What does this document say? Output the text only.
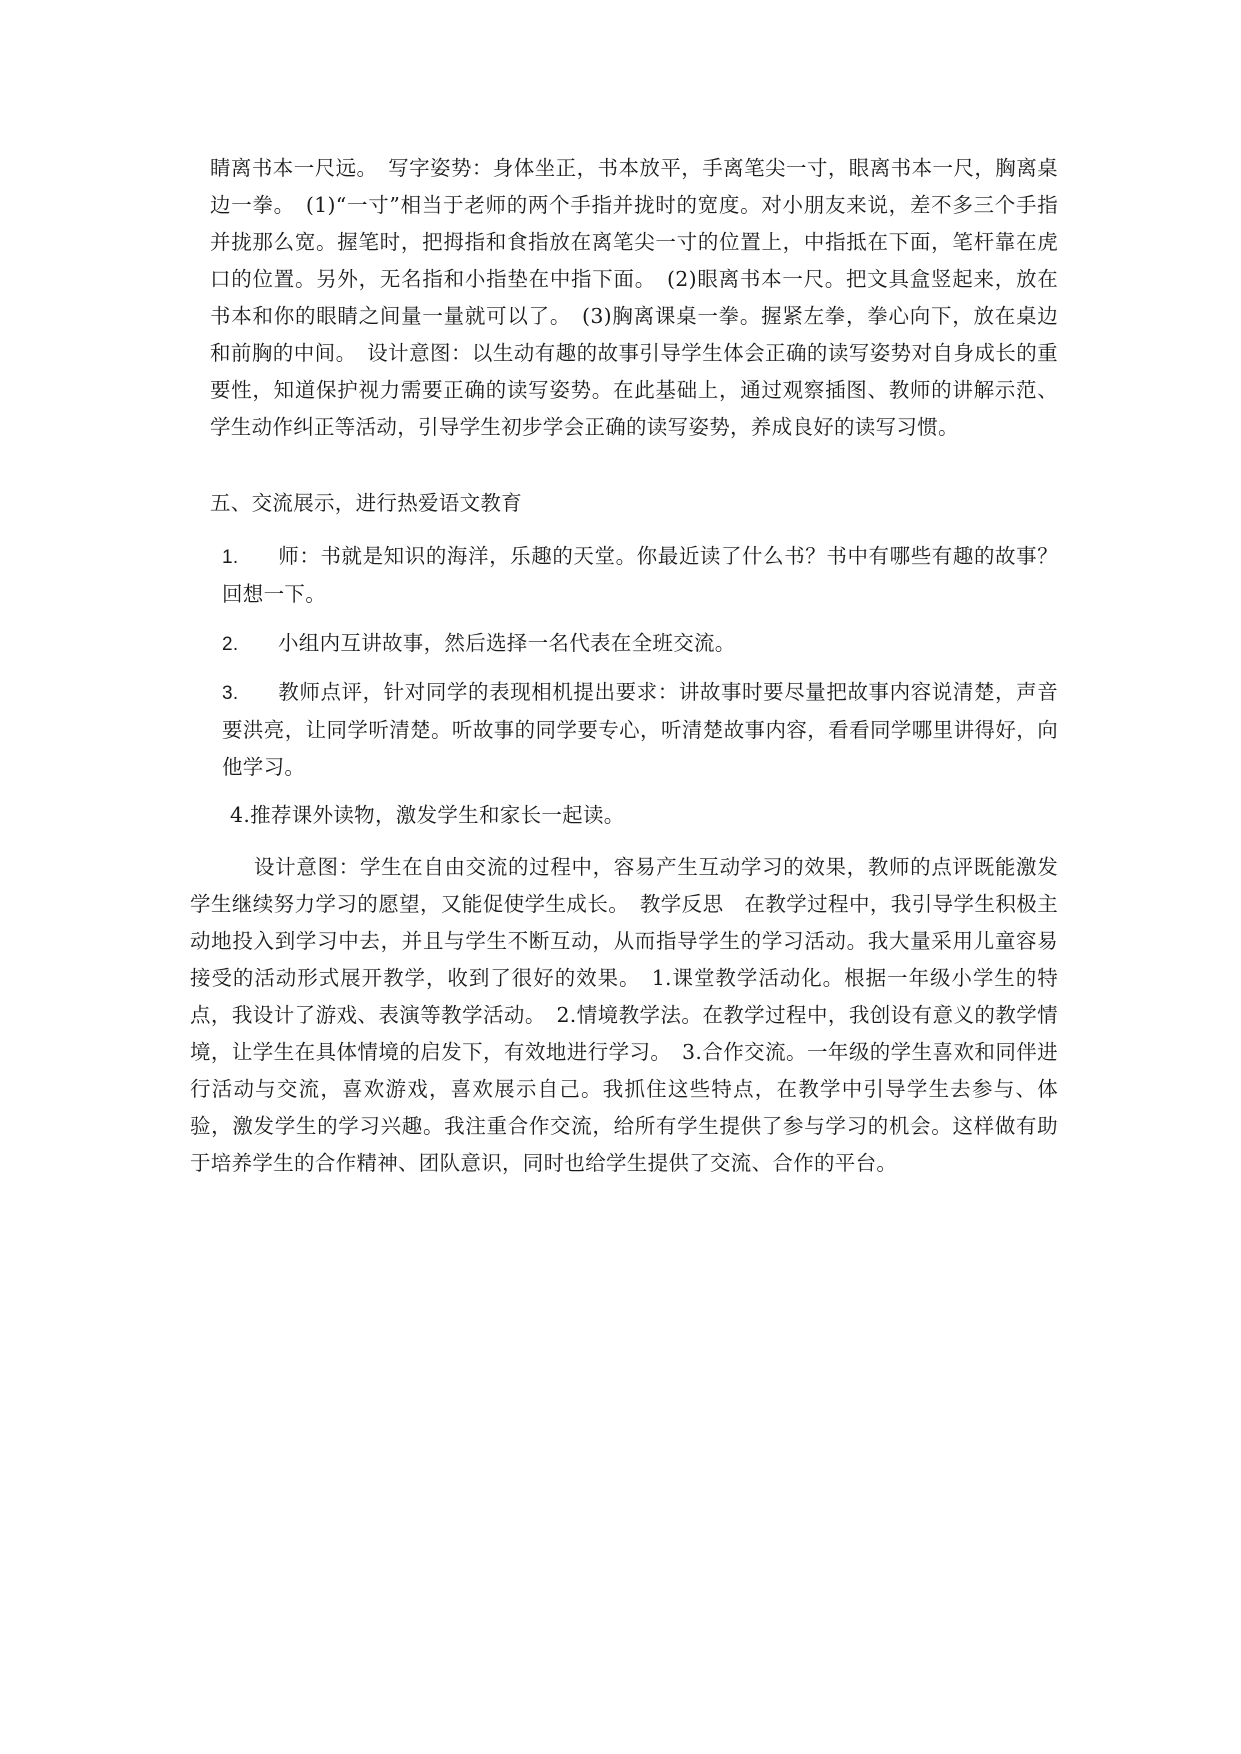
睛离书本一尺远。　写字姿势：身体坐正，书本放平，手离笔尖一寸，眼离书本一尺，胸离桌边一拳。　(1)“一寸”相当于老师的两个手指并拢时的宽度。对小朋友来说，差不多三个手指并拢那么宽。握笔时，把拇指和食指放在离笔尖一寸的位置上，中指抵在下面，笔杆靠在虎口的位置。另外，无名指和小指垫在中指下面。　(2)眼离书本一尺。把文具盒竖起来，放在书本和你的眼睛之间量一量就可以了。　(3)胸离课桌一拳。握紧左拳，拳心向下，放在桌边和前胸的中间。　设计意图：以生动有趣的故事引导学生体会正确的读写姿势对自身成长的重要性，知道保护视力需要正确的读写姿势。在此基础上，通过观察插图、教师的讲解示范、学生动作纠正等活动，引导学生初步学会正确的读写姿势，养成良好的读写习惯。

五、交流展示，进行热爱语文教育

1. 师：书就是知识的海洋，乐趣的天堂。你最近读了什么书？书中有哪些有趣的故事？回想一下。

2. 小组内互讲故事，然后选择一名代表在全班交流。

3. 教师点评，针对同学的表现相机提出要求：讲故事时要尽量把故事内容说清楚，声音要洪亮，让同学听清楚。听故事的同学要专心，听清楚故事内容，看看同学哪里讲得好，向他学习。

4.推荐课外读物，激发学生和家长一起读。

设计意图：学生在自由交流的过程中，容易产生互动学习的效果，教师的点评既能激发学生继续努力学习的愿望，又能促使学生成长。　教学反思　在教学过程中，我引导学生积极主动地投入到学习中去，并且与学生不断互动，从而指导学生的学习活动。我大量采用儿童容易接受的活动形式展开教学，收到了很好的效果。　1.课堂教学活动化。根据一年级小学生的特点，我设计了游戏、表演等教学活动。　2.情境教学法。在教学过程中，我创设有意义的教学情境，让学生在具体情境的启发下，有效地进行学习。　3.合作交流。一年级的学生喜欢和同伴进行活动与交流，喜欢游戏，喜欢展示自己。我抓住这些特点，在教学中引导学生去参与、体验，激发学生的学习兴趣。我注重合作交流，给所有学生提供了参与学习的机会。这样做有助于培养学生的合作精神、团队意识，同时也给学生提供了交流、合作的平台。
